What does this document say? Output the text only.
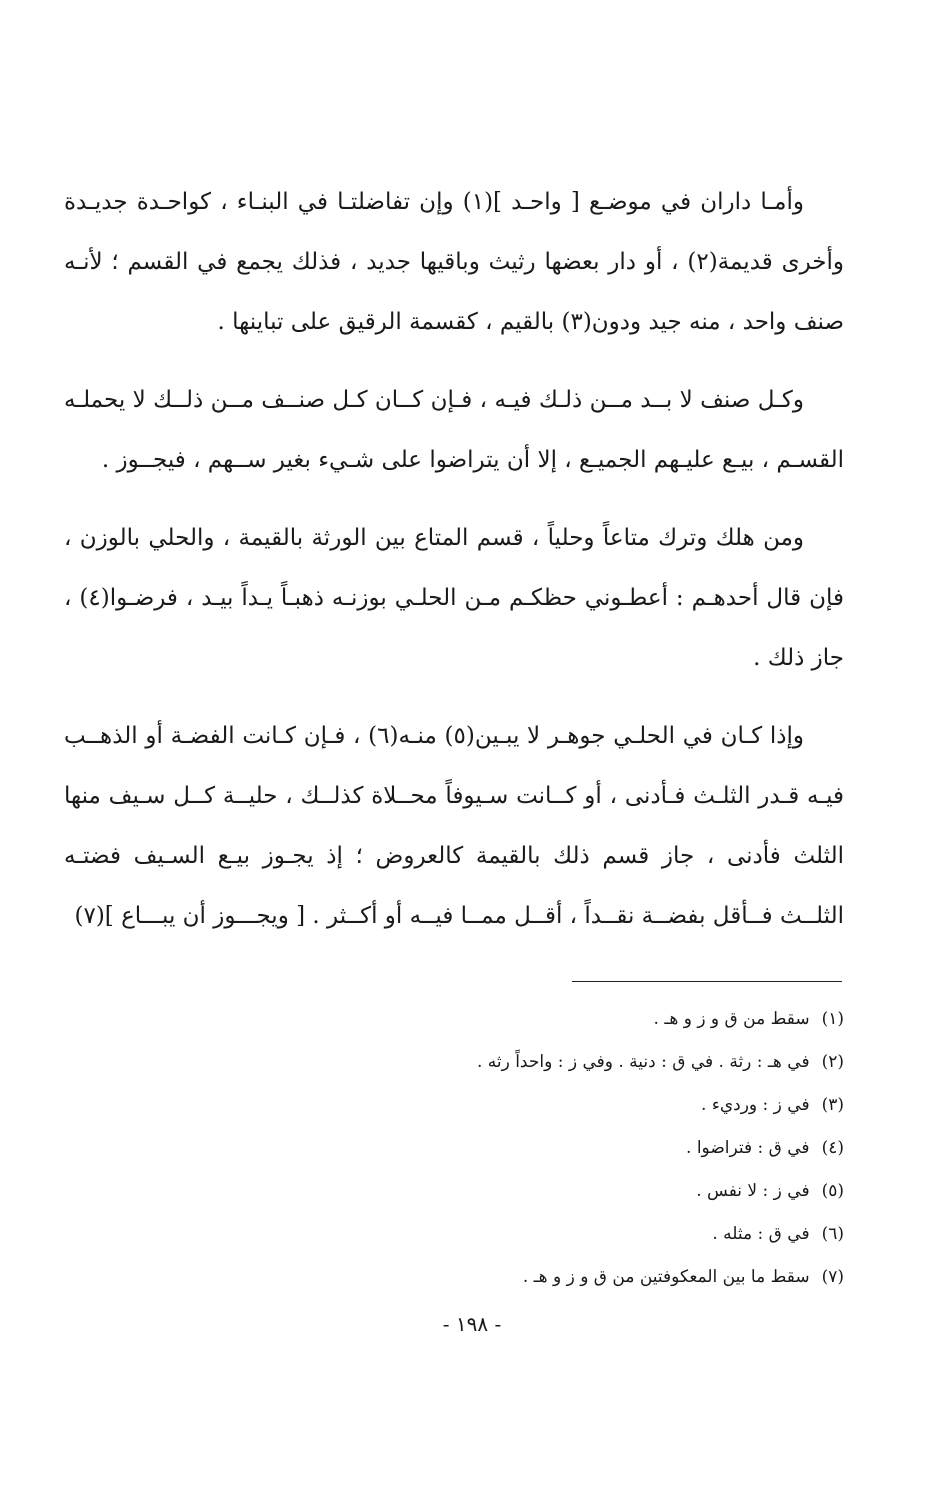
وأمـا داران في موضـع [ واحـد ](١) وإن تفاضلتـا في البنـاء ، كواحـدة جديـدة وأخرى قديمة(٢) ، أو دار بعضها رثيث وباقيها جديد ، فذلك يجمع في القسم ؛ لأنـه صنف واحد ، منه جيد ودون(٣) بالقيم ، كقسمة الرقيق على تباينها .

وكـل صنف لا بــد مــن ذلـك فيـه ، فـإن كــان كـل صنــف مــن ذلــك لا يحملـه القسـم ، بيـع عليـهم الجميـع ، إلا أن يتراضوا على شـيء بغير ســهم ، فيجــوز .

ومن هلك وترك متاعاً وحلياً ، قسم المتاع بين الورثة بالقيمة ، والحلي بالوزن ، فإن قال أحدهـم : أعطـوني حظكـم مـن الحلـي بوزنـه ذهبـاً يـداً بيـد ، فرضـوا(٤) ، جاز ذلك .

وإذا كـان في الحلـي جوهـر لا يبـين(٥) منـه(٦) ، فـإن كـانت الفضـة أو الذهــب فيـه قـدر الثلـث فـأدنى ، أو كــانت سـيوفاً محــلاة كذلــك ، حليــة كــل سـيف منها الثلث فأدنى ، جاز قسم ذلك بالقيمة كالعروض ؛ إذ يجـوز بيـع السـيف فضتـه الثلــث فــأقل بفضــة نقــداً ، أقــل ممــا فيــه أو أكــثر . [ ويجـــوز أن يبـــاع ](٧)

(١)سقط من ق و ز و هـ .
(٢)في هـ : رثة . في ق : دنية . وفي ز : واحداً رثه .
(٣)في ز : ورديء .
(٤)في ق : فتراضوا .
(٥)في ز : لا نفس .
(٦)في ق : مثله .
(٧)سقط ما بين المعكوفتين من ق و ز و هـ .
- ١٩٨ -
